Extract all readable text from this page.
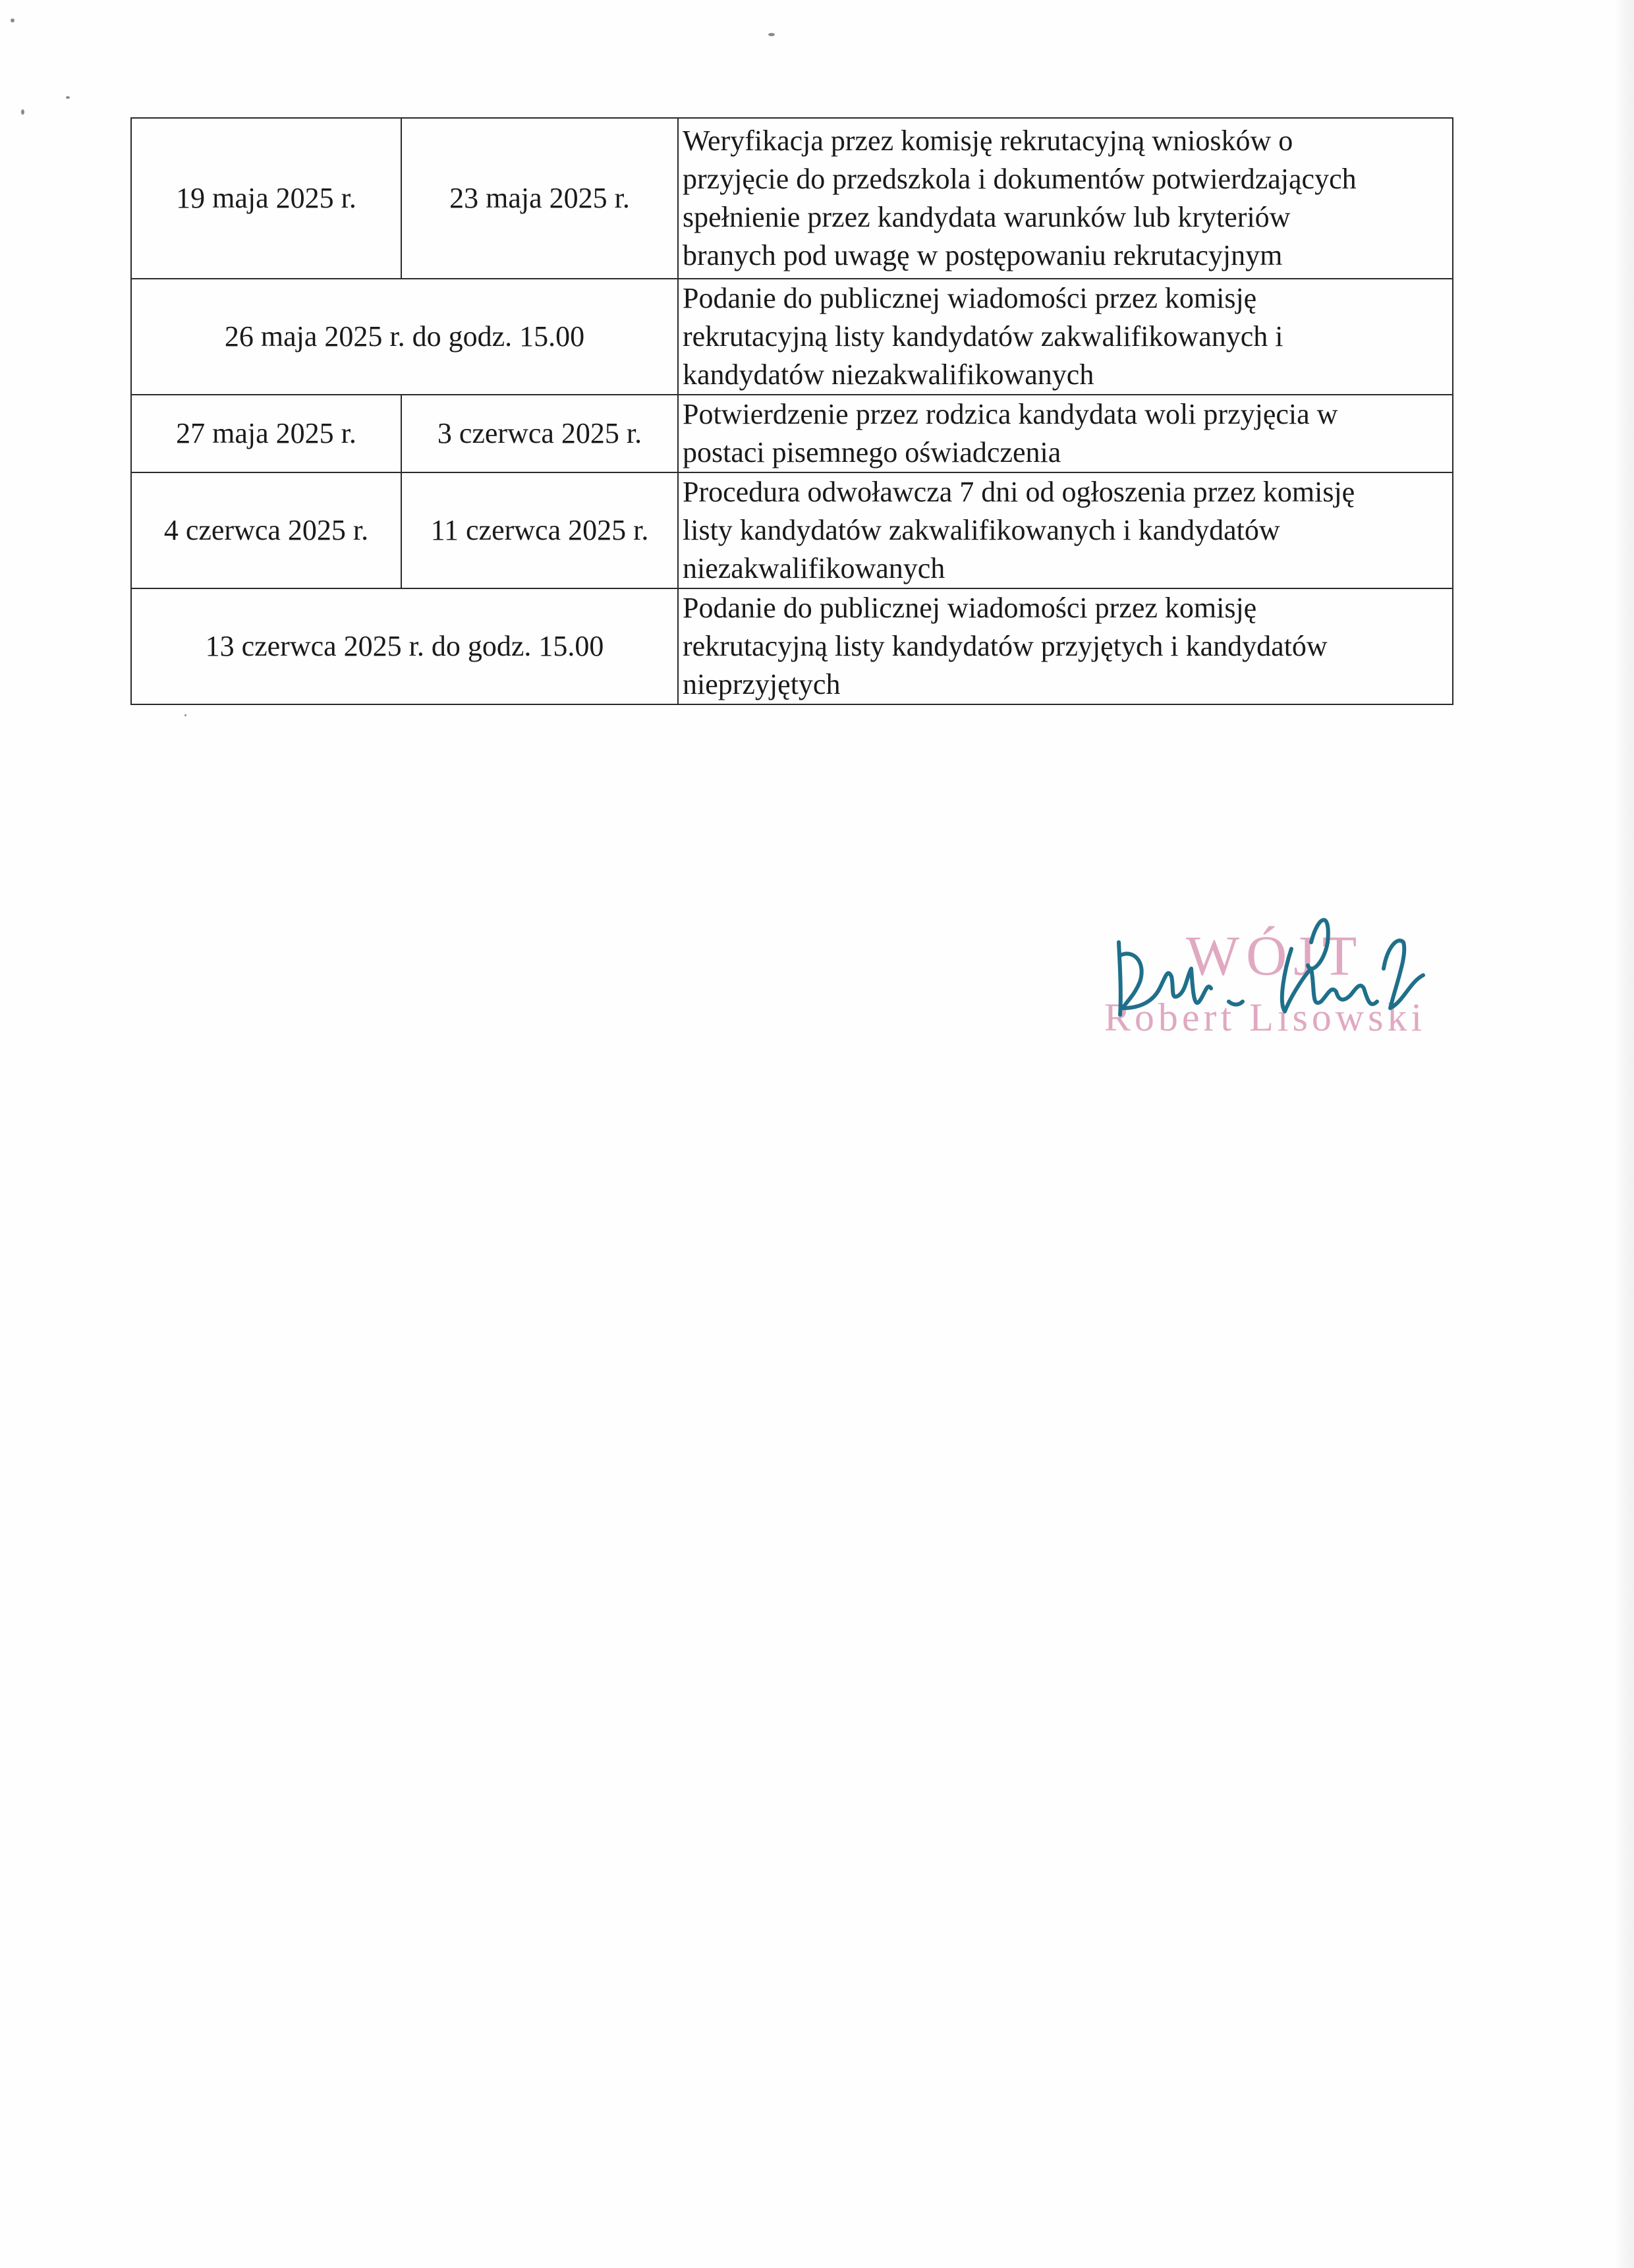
19 maja 2025 r.	23 maja 2025 r.	Weryfikacja przez komisję rekrutacyjną wniosków o
przyjęcie do przedszkola i dokumentów potwierdzających
spełnienie przez kandydata warunków lub kryteriów
branych pod uwagę w postępowaniu rekrutacyjnym

26 maja 2025 r. do godz. 15.00		Podanie do publicznej wiadomości przez komisję
rekrutacyjną listy kandydatów zakwalifikowanych i
kandydatów niezakwalifikowanych

27 maja 2025 r.	3 czerwca 2025 r.	Potwierdzenie przez rodzica kandydata woli przyjęcia w
postaci pisemnego oświadczenia

4 czerwca 2025 r.	11 czerwca 2025 r.	Procedura odwoławcza 7 dni od ogłoszenia przez komisję
listy kandydatów zakwalifikowanych i kandydatów
niezakwalifikowanych

13 czerwca 2025 r. do godz. 15.00		Podanie do publicznej wiadomości przez komisję
rekrutacyjną listy kandydatów przyjętych i kandydatów
nieprzyjętych
WÓJT
Robert Lisowski
